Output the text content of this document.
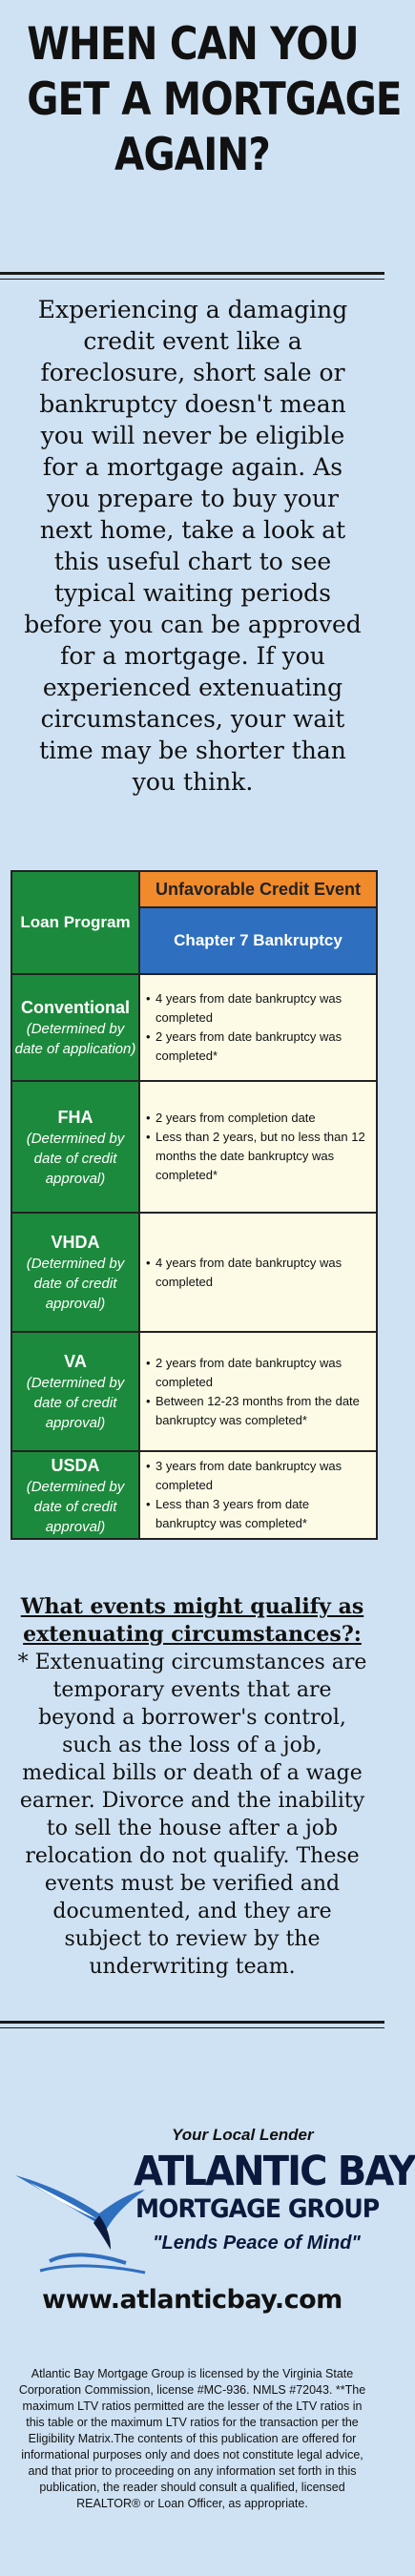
WHEN CAN YOU
GET A MORTGAGE
AGAIN?
Experiencing a damaging credit event like a foreclosure, short sale or bankruptcy doesn't mean you will never be eligible for a mortgage again. As you prepare to buy your next home, take a look at this useful chart to see typical waiting periods before you can be approved for a mortgage. If you experienced extenuating circumstances, your wait time may be shorter than you think.
Loan Program
Unfavorable Credit Event
Chapter 7 Bankruptcy
Conventional
(Determined by date of application)
• 4 years from date bankruptcy was completed
• 2 years from date bankruptcy was completed*
FHA
(Determined by date of credit approval)
• 2 years from completion date
• Less than 2 years, but no less than 12 months the date bankruptcy was completed*
VHDA
(Determined by date of credit approval)
• 4 years from date bankruptcy was completed
VA
(Determined by date of credit approval)
• 2 years from date bankruptcy was completed
• Between 12-23 months from the date bankruptcy was completed*
USDA
(Determined by date of credit approval)
• 3 years from date bankruptcy was completed
• Less than 3 years from date bankruptcy was completed*
What events might qualify as extenuating circumstances?: * Extenuating circumstances are temporary events that are beyond a borrower's control, such as the loss of a job, medical bills or death of a wage earner. Divorce and the inability to sell the house after a job relocation do not qualify. These events must be verified and documented, and they are subject to review by the underwriting team.
Your Local Lender
ATLANTIC BAY
MORTGAGE GROUP
"Lends Peace of Mind"
www.atlanticbay.com
Atlantic Bay Mortgage Group is licensed by the Virginia State Corporation Commission, license #MC-936. NMLS #72043. **The maximum LTV ratios permitted are the lesser of the LTV ratios in this table or the maximum LTV ratios for the transaction per the Eligibility Matrix.The contents of this publication are offered for informational purposes only and does not constitute legal advice, and that prior to proceeding on any information set forth in this publication, the reader should consult a qualified, licensed REALTOR® or Loan Officer, as appropriate.
